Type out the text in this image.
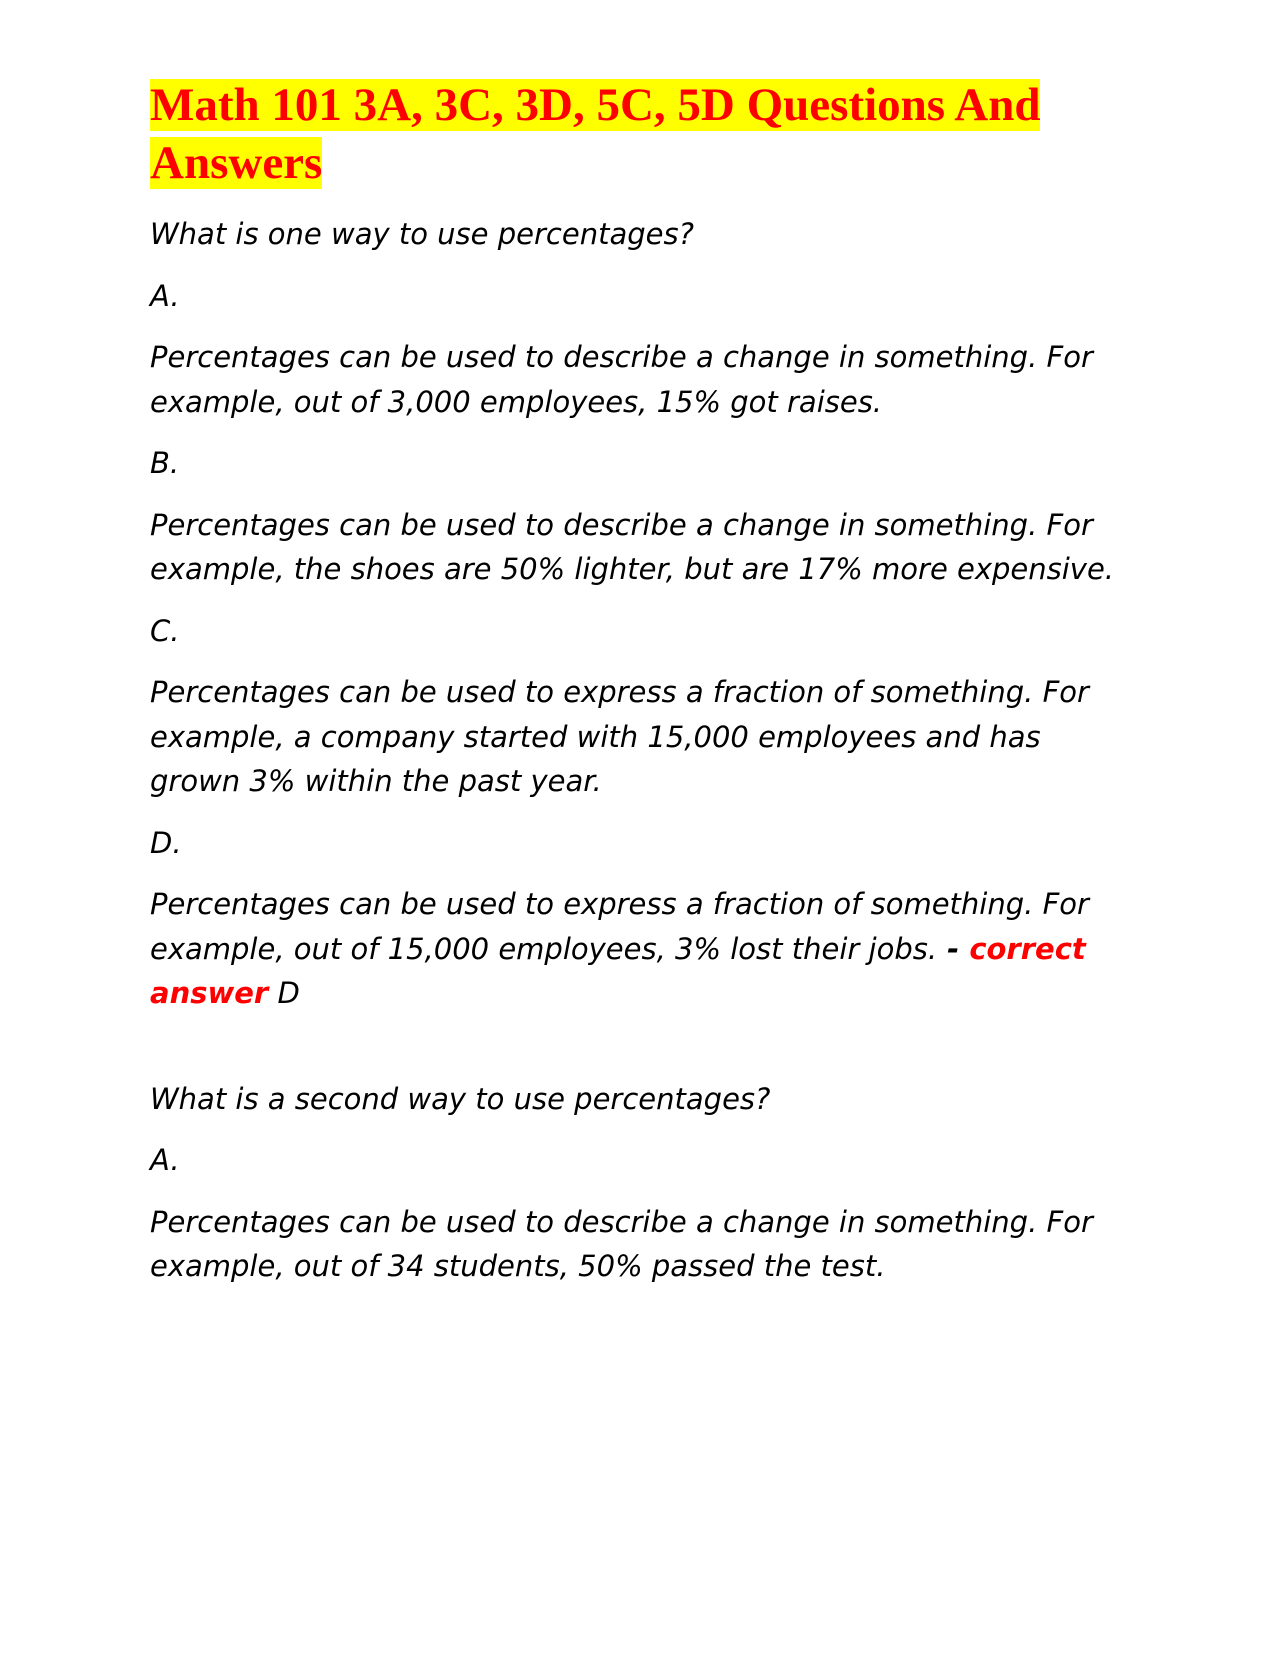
Math 101 3A, 3C, 3D, 5C, 5D Questions And Answers

What is one way to use percentages?

A.

Percentages can be used to describe a change in something. For example, out of 3,000 employees, 15% got raises.

B.

Percentages can be used to describe a change in something. For example, the shoes are 50% lighter, but are 17% more expensive.

C.

Percentages can be used to express a fraction of something. For example, a company started with 15,000 employees and has grown 3% within the past year.

D.

Percentages can be used to express a fraction of something. For example, out of 15,000 employees, 3% lost their jobs. - correct answer D

What is a second way to use percentages?

A.

Percentages can be used to describe a change in something. For example, out of 34 students, 50% passed the test.
